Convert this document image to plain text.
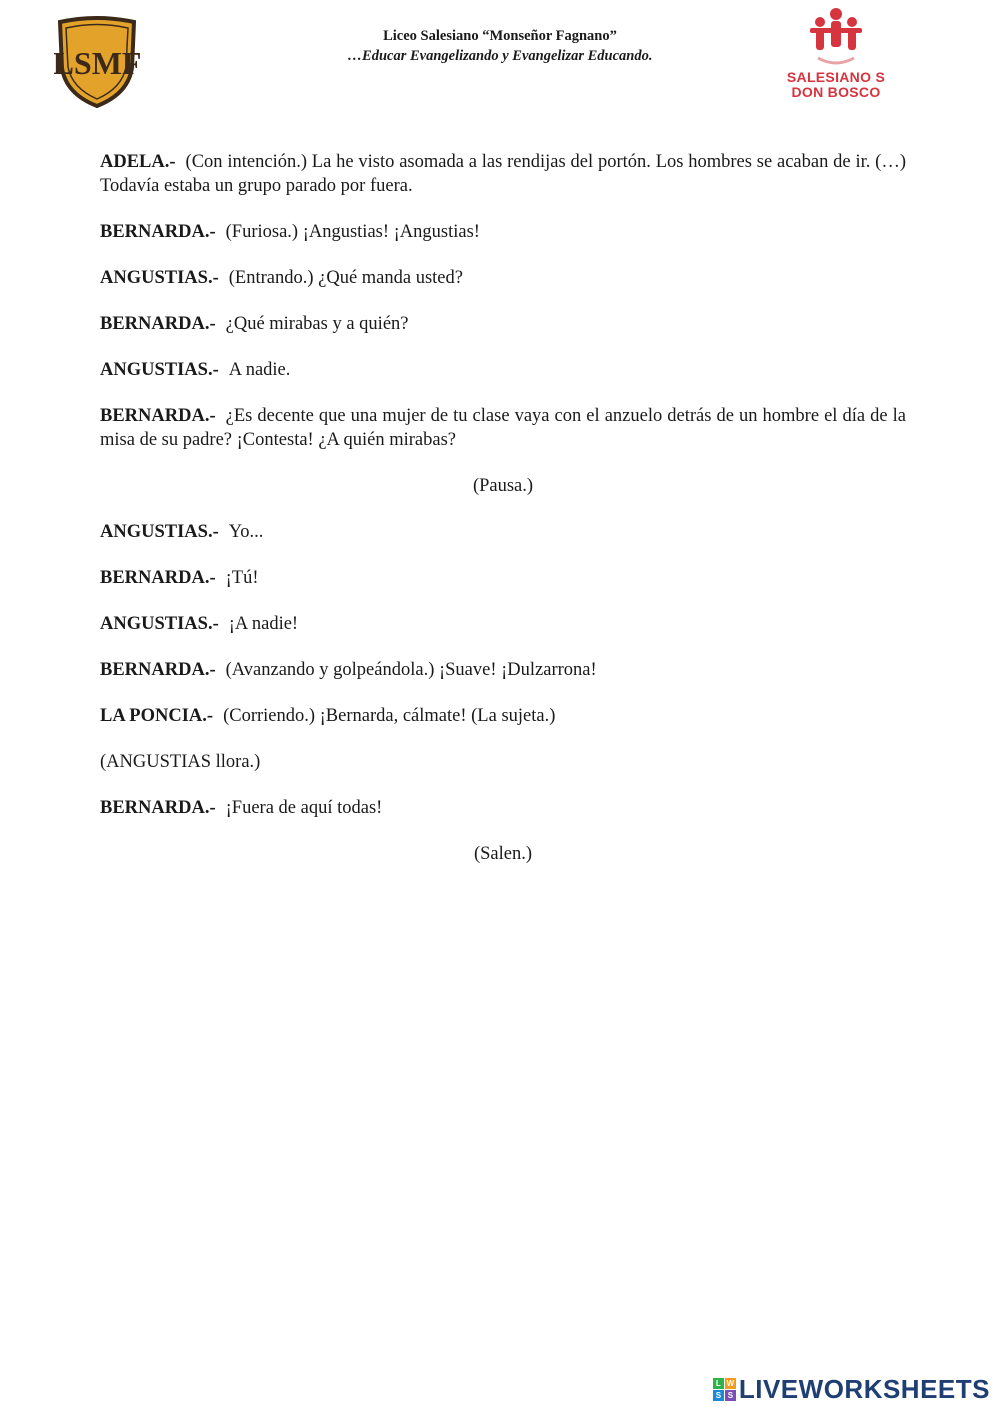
LSMF
Liceo Salesiano “Monseñor Fagnano”
…Educar Evangelizando y Evangelizar Educando.
SALESIANO S
DON BOSCO

ADELA.- (Con intención.) La he visto asomada a las rendijas del portón. Los hombres se acaban de ir. (…) Todavía estaba un grupo parado por fuera.

BERNARDA.- (Furiosa.) ¡Angustias! ¡Angustias!

ANGUSTIAS.- (Entrando.) ¿Qué manda usted?

BERNARDA.- ¿Qué mirabas y a quién?

ANGUSTIAS.- A nadie.

BERNARDA.- ¿Es decente que una mujer de tu clase vaya con el anzuelo detrás de un hombre el día de la misa de su padre? ¡Contesta! ¿A quién mirabas?

(Pausa.)

ANGUSTIAS.- Yo...

BERNARDA.- ¡Tú!

ANGUSTIAS.- ¡A nadie!

BERNARDA.- (Avanzando y golpeándola.) ¡Suave! ¡Dulzarrona!

LA PONCIA.- (Corriendo.) ¡Bernarda, cálmate! (La sujeta.)

(ANGUSTIAS llora.)

BERNARDA.- ¡Fuera de aquí todas!

(Salen.)

L W
S S LIVEWORKSHEETS
